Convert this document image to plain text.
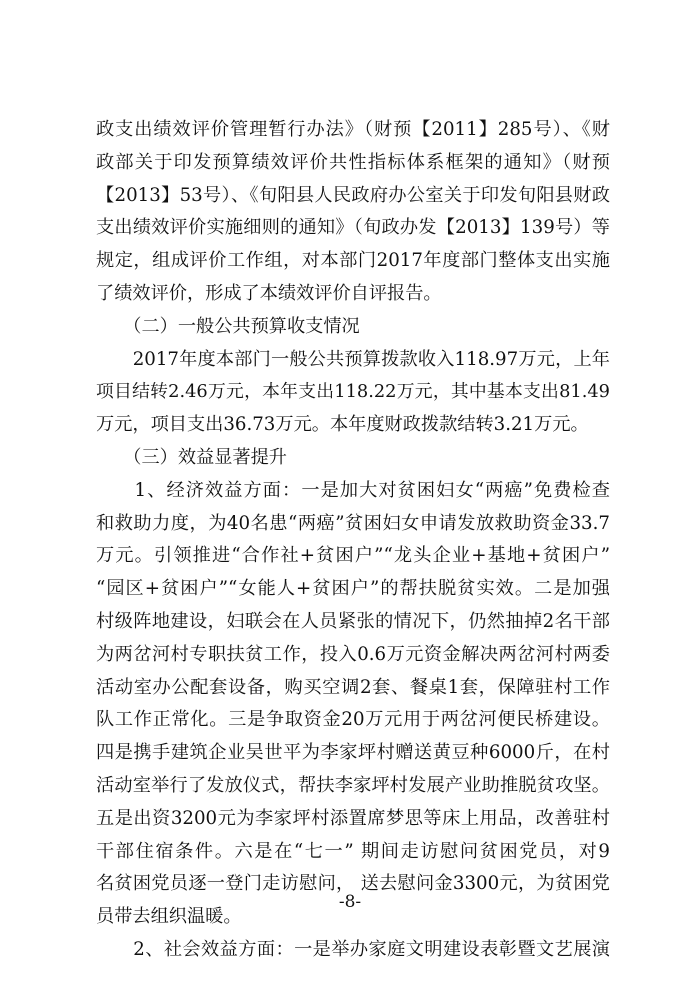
政支出绩效评价管理暂行办法》（财预【2011】285号）、《财
政部关于印发预算绩效评价共性指标体系框架的通知》（财预
【2013】53号）、《旬阳县人民政府办公室关于印发旬阳县财政
支出绩效评价实施细则的通知》（旬政办发【2013】139号）等
规定，组成评价工作组，对本部门2017年度部门整体支出实施
了绩效评价，形成了本绩效评价自评报告。
　　（二）一般公共预算收支情况
　　2017年度本部门一般公共预算拨款收入118.97万元，上年
项目结转2.46万元，本年支出118.22万元，其中基本支出81.49
万元，项目支出36.73万元。本年度财政拨款结转3.21万元。
　　（三）效益显著提升
　　1、经济效益方面：一是加大对贫困妇女“两癌”免费检查
和救助力度，为40名患“两癌”贫困妇女申请发放救助资金33.7
万元。引领推进“合作社+贫困户”“龙头企业+基地+贫困户”
“园区+贫困户”“女能人+贫困户”的帮扶脱贫实效。二是加强
村级阵地建设，妇联会在人员紧张的情况下，仍然抽掉2名干部
为两岔河村专职扶贫工作，投入0.6万元资金解决两岔河村两委
活动室办公配套设备，购买空调2套、餐桌1套，保障驻村工作
队工作正常化。三是争取资金20万元用于两岔河便民桥建设。
四是携手建筑企业吴世平为李家坪村赠送黄豆种6000斤，在村
活动室举行了发放仪式，帮扶李家坪村发展产业助推脱贫攻坚。
五是出资3200元为李家坪村添置席梦思等床上用品，改善驻村
干部住宿条件。六是在“七一” 期间走访慰问贫困党员，对9
名贫困党员逐一登门走访慰问， 送去慰问金3300元，为贫困党
员带去组织温暖。
　　2、社会效益方面：一是举办家庭文明建设表彰暨文艺展演
-8-
